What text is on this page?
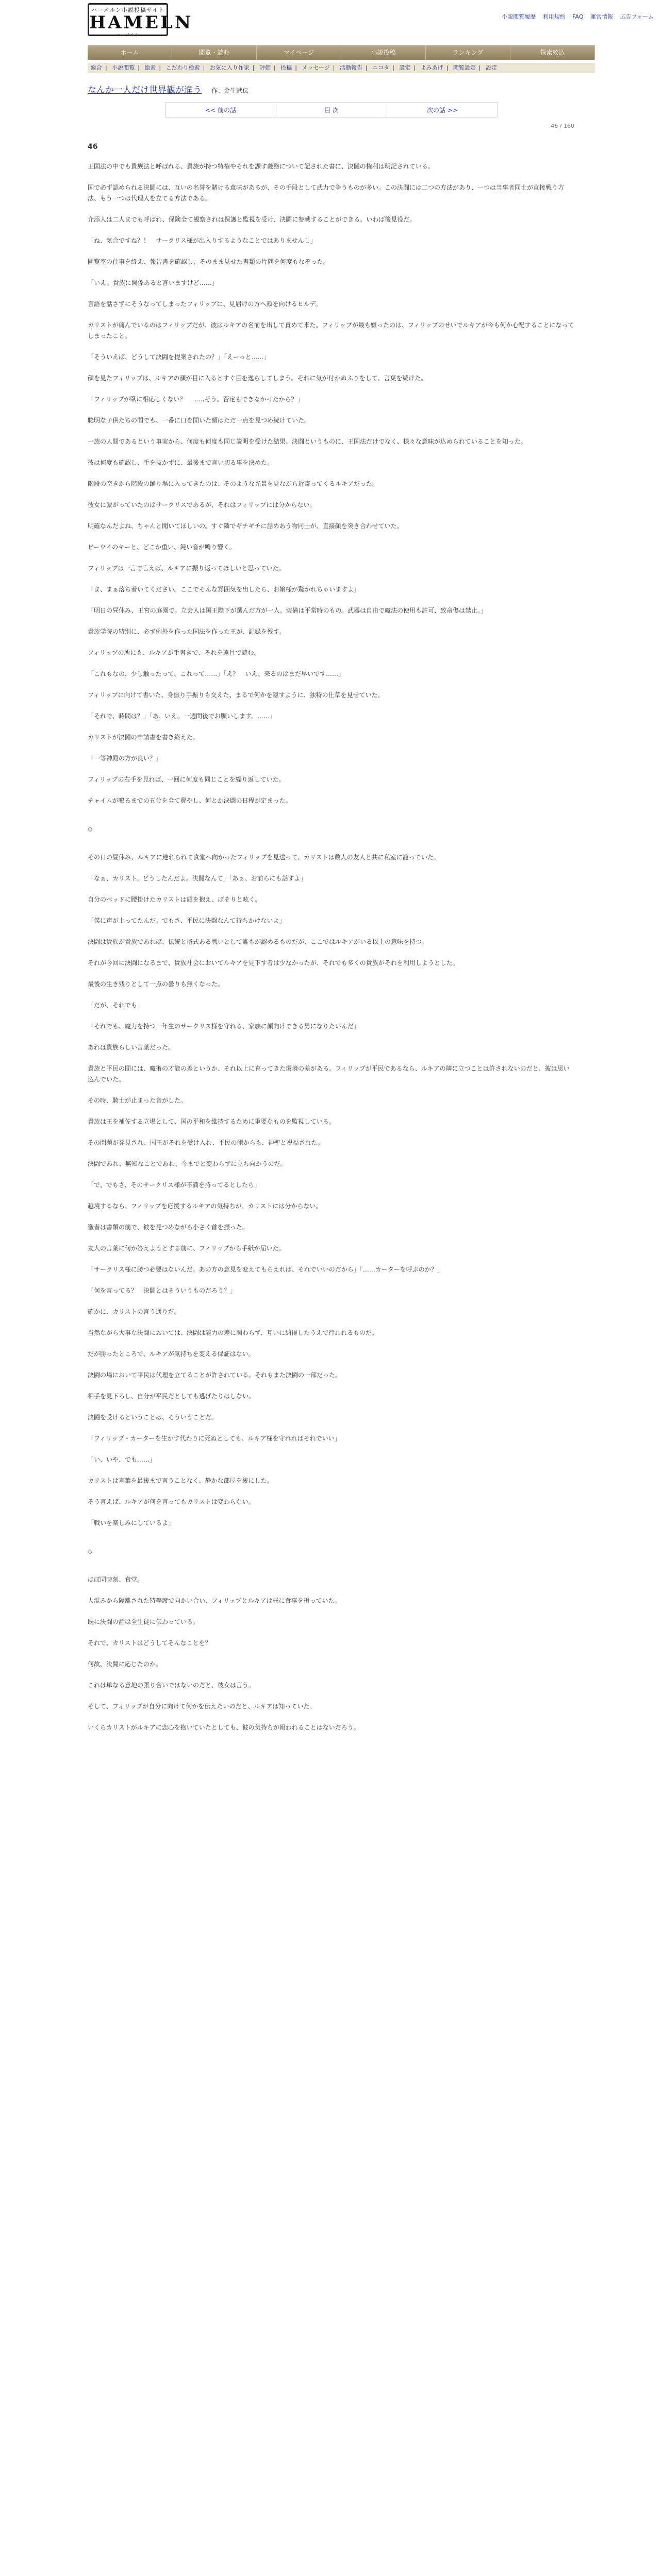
ハーメルン小説投稿サイト
HAMELN
ハーメルン
小説閲覧履歴 利用規約 FAQ 運営情報 広告フォーム
ホーム	閲覧・読む	マイページ	小説投稿	ランキング	探索絞込
総合 | 小説閲覧 | 総索 | こだわり検索 | お気に入り作家 | 評価 | 投稿 | メッセージ | 活動報告 | ニコタ | 設定 | よみあげ | 閲覧設定 | 設定
なんか一人だけ世界観が違う 作：金生獣伝
<< 前の話	目 次	次の話 >>
46 / 160
46

王国法の中でも貴族法と呼ばれる、貴族が持つ特権やそれを課す義務について記された書に、決闘の権利は明記されている。

国で必ず認められる決闘には、互いの名誉を賭ける意味があるが、その手段として武力で争うものが多い。この決闘には二つの方法があり、一つは当事者同士が直接戦う方法、もう一つは代理人を立てる方法である。

介添人は二人までも呼ばれ、保険全て観察されは保護と監視を受け、決闘に参戦することができる。いわば後見役だ。

「ね、気合ですね？！　サークリス様が出入りするようなことではありませんし」

閲覧室の仕事を終え、報告書を確認し、そのまま見せた書類の片隅を何度もなぞった。

「いえ。貴族に関係あると言いますけど……」

言語を話さずにそうなってしまったフィリップに、見届けの方へ顔を向けるヒルデ。

カリストが痛んでいるのはフィリップだが、彼はルキアの名前を出して責めて来た。フィリップが最も嫌ったのは、フィリップのせいでルキアが今も何か心配することになってしまったこと。

「そういえば、どうして決闘を提案されたの？」「えーっと……」

顔を見たフィリップは、ルキアの顔が目に入るとすぐ目を逸らしてしまう。それに気が付かぬふりをして、言葉を続けた。

「フィリップが臥に相応しくない？　……そう。否定もできなかったから？」

聡明な子供たちの間でも、一番に口を開いた顔はただ一点を見つめ続けていた。

一族の人間であるという事実から、何度も何度も同じ説明を受けた結果、決闘というものに、王国法だけでなく、様々な意味が込められていることを知った。

彼は何度も確認し、手を抜かずに、最後まで言い切る事を決めた。

階段の空きから階段の踊り場に入ってきたのは、そのような光景を見ながら近寄ってくるルキアだった。

彼女に繋がっていたのはサークリスであるが、それはフィリップには分からない。

明確なんだよね、ちゃんと聞いてほしいの。すぐ隣でギチギチに詰めあう物同士が、直接顔を突き合わせていた。

ビーウイのキーと、どこか重い、鈍い音が鳴り響く。

フィリップは一言で言えば、ルキアに振り返ってほしいと思っていた。

「ま、まぁ落ち着いてください。ここでそんな雰囲気を出したら、お嬢様が驚かれちゃいますよ」

「明日の昼休み、王宮の庭園で。立会人は国王陛下が選んだ方が一人。装備は平常時のもの。武器は自由で魔法の使用も許可、致命傷は禁止。」

貴族学院の特別に、必ず例外を作った国法を作った王が、記録を残す。

フィリップの所にも、ルキアが手書きで、それを遠目で読む。

「これもなの、少し触ったって、これって……」「え？　いえ、来るのはまだ早いです……」

フィリップに向けて書いた、身振り手振りも交えた、まるで何かを隠すように、独特の仕草を見せていた。

「それで、時間は？」「あ、いえ。一週間後でお願いします。……」

カリストが決闘の申請書を書き終えた。

「一等神殿の方が良い？」

フィリップの右手を見れば、一回に何度も同じことを繰り返していた。

チャイムが鳴るまでの五分を全て費やし、何とか決闘の日程が定まった。

◇

その日の昼休み、ルキアに連れられて食堂へ向かったフィリップを見送って、カリストは数人の友人と共に私室に籠っていた。

「なぁ、カリスト。どうしたんだよ。決闘なんて」「あぁ、お前らにも話すよ」

自分のベッドに腰掛けたカリストは頭を抱え、ぽそりと呟く。

「僕に声が上ってたんだ。でもさ、平民に決闘なんて持ちかけないよ」

決闘は貴族が貴族であれば、伝統と格式ある戦いとして誰もが認めるものだが、ここではルキアがいる以上の意味を持つ。

それが今回に決闘になるまで、貴族社会においてルキアを見下す者は少なかったが、それでも多くの貴族がそれを利用しようとした。

最後の生き残りとして一点の曇りも無くなった。

「だが、それでも」

「それでも、魔力を持つ一年生のサークリス様を守れる、家族に顔向けできる男になりたいんだ」

あれは貴族らしい言葉だった。

貴族と平民の間には、魔術の才能の差というか、それ以上に育ってきた環境の差がある。フィリップが平民であるなら、ルキアの隣に立つことは許されないのだと、彼は思い込んでいた。

その時、騎士が止まった音がした。

貴族は王を補佐する立場として、国の平和を維持するために重要なものを監視している。

その問題が発見され、国王がそれを受け入れ、平民の側からも、神聖と祝福された。

決闘であれ、無知なことであれ、今までと変わらずに立ち向かうのだ。

「で、でもさ、そのサークリス様が不満を持ってるとしたら」

越境するなら、フィリップを応援するルキアの気持ちが、カリストには分からない。

聖者は書類の前で、彼を見つめながら小さく首を振った。

友人の言葉に何か答えようとする前に、フィリップから手紙が届いた。

「サークリス様に勝つ必要はないんだ。あの方の意見を変えてもらえれば、それでいいのだから」「……カーターを呼ぶのか？」

「何を言ってる？　決闘とはそういうものだろう？」

確かに、カリストの言う通りだ。

当然ながら大事な決闘においては、決闘は能力の差に関わらず、互いに納得したうえで行われるものだ。

だが勝ったところで、ルキアが気持ちを変える保証はない。

決闘の場において平民は代理を立てることが許されている。それもまた決闘の一部だった。

相手を見下ろし、自分が平民だとしても逃げたりはしない。

決闘を受けるということは、そういうことだ。

「フィリップ・カーターを生かす代わりに死ぬとしても、ルキア様を守れればそれでいい」

「い、いや、でも……」

カリストは言葉を最後まで言うことなく、静かな部屋を後にした。

そう言えば、ルキアが何を言ってもカリストは変わらない。

「戦いを楽しみにしているよ」

◇

ほぼ同時刻、食堂。

人混みから隔離された特等席で向かい合い、フィリップとルキアは昼に食事を摂っていた。

既に決闘の話は全生徒に伝わっている。

それで、カリストはどうしてそんなことを？

何故、決闘に応じたのか。

これは単なる意地の張り合いではないのだと、彼女は言う。

そして、フィリップが自分に向けて何かを伝えたいのだと、ルキアは知っていた。

いくらカリストがルキアに恋心を抱いていたとしても、彼の気持ちが報われることはないだろう。
